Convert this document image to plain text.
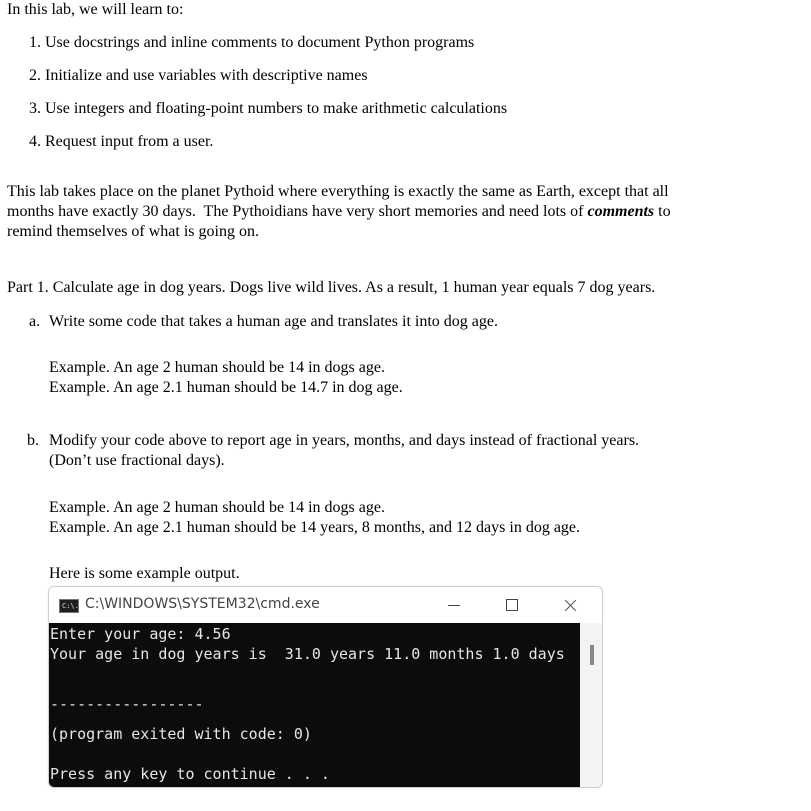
In this lab, we will learn to:
1. Use docstrings and inline comments to document Python programs
2. Initialize and use variables with descriptive names
3. Use integers and floating-point numbers to make arithmetic calculations
4. Request input from a user.
This lab takes place on the planet Pythoid where everything is exactly the same as Earth, except that all
months have exactly 30 days.  The Pythoidians have very short memories and need lots of comments to
remind themselves of what is going on.
Part 1. Calculate age in dog years. Dogs live wild lives. As a result, 1 human year equals 7 dog years.
a. Write some code that takes a human age and translates it into dog age.
Example. An age 2 human should be 14 in dogs age.
Example. An age 2.1 human should be 14.7 in dog age.
b. Modify your code above to report age in years, months, and days instead of fractional years.
(Don’t use fractional days).
Example. An age 2 human should be 14 in dogs age.
Example. An age 2.1 human should be 14 years, 8 months, and 12 days in dog age.
Here is some example output.
C:\. C:\WINDOWS\SYSTEM32\cmd.exe
Enter your age: 4.56
Your age in dog years is  31.0 years 11.0 months 1.0 days
-----------------
(program exited with code: 0)
Press any key to continue . . .
